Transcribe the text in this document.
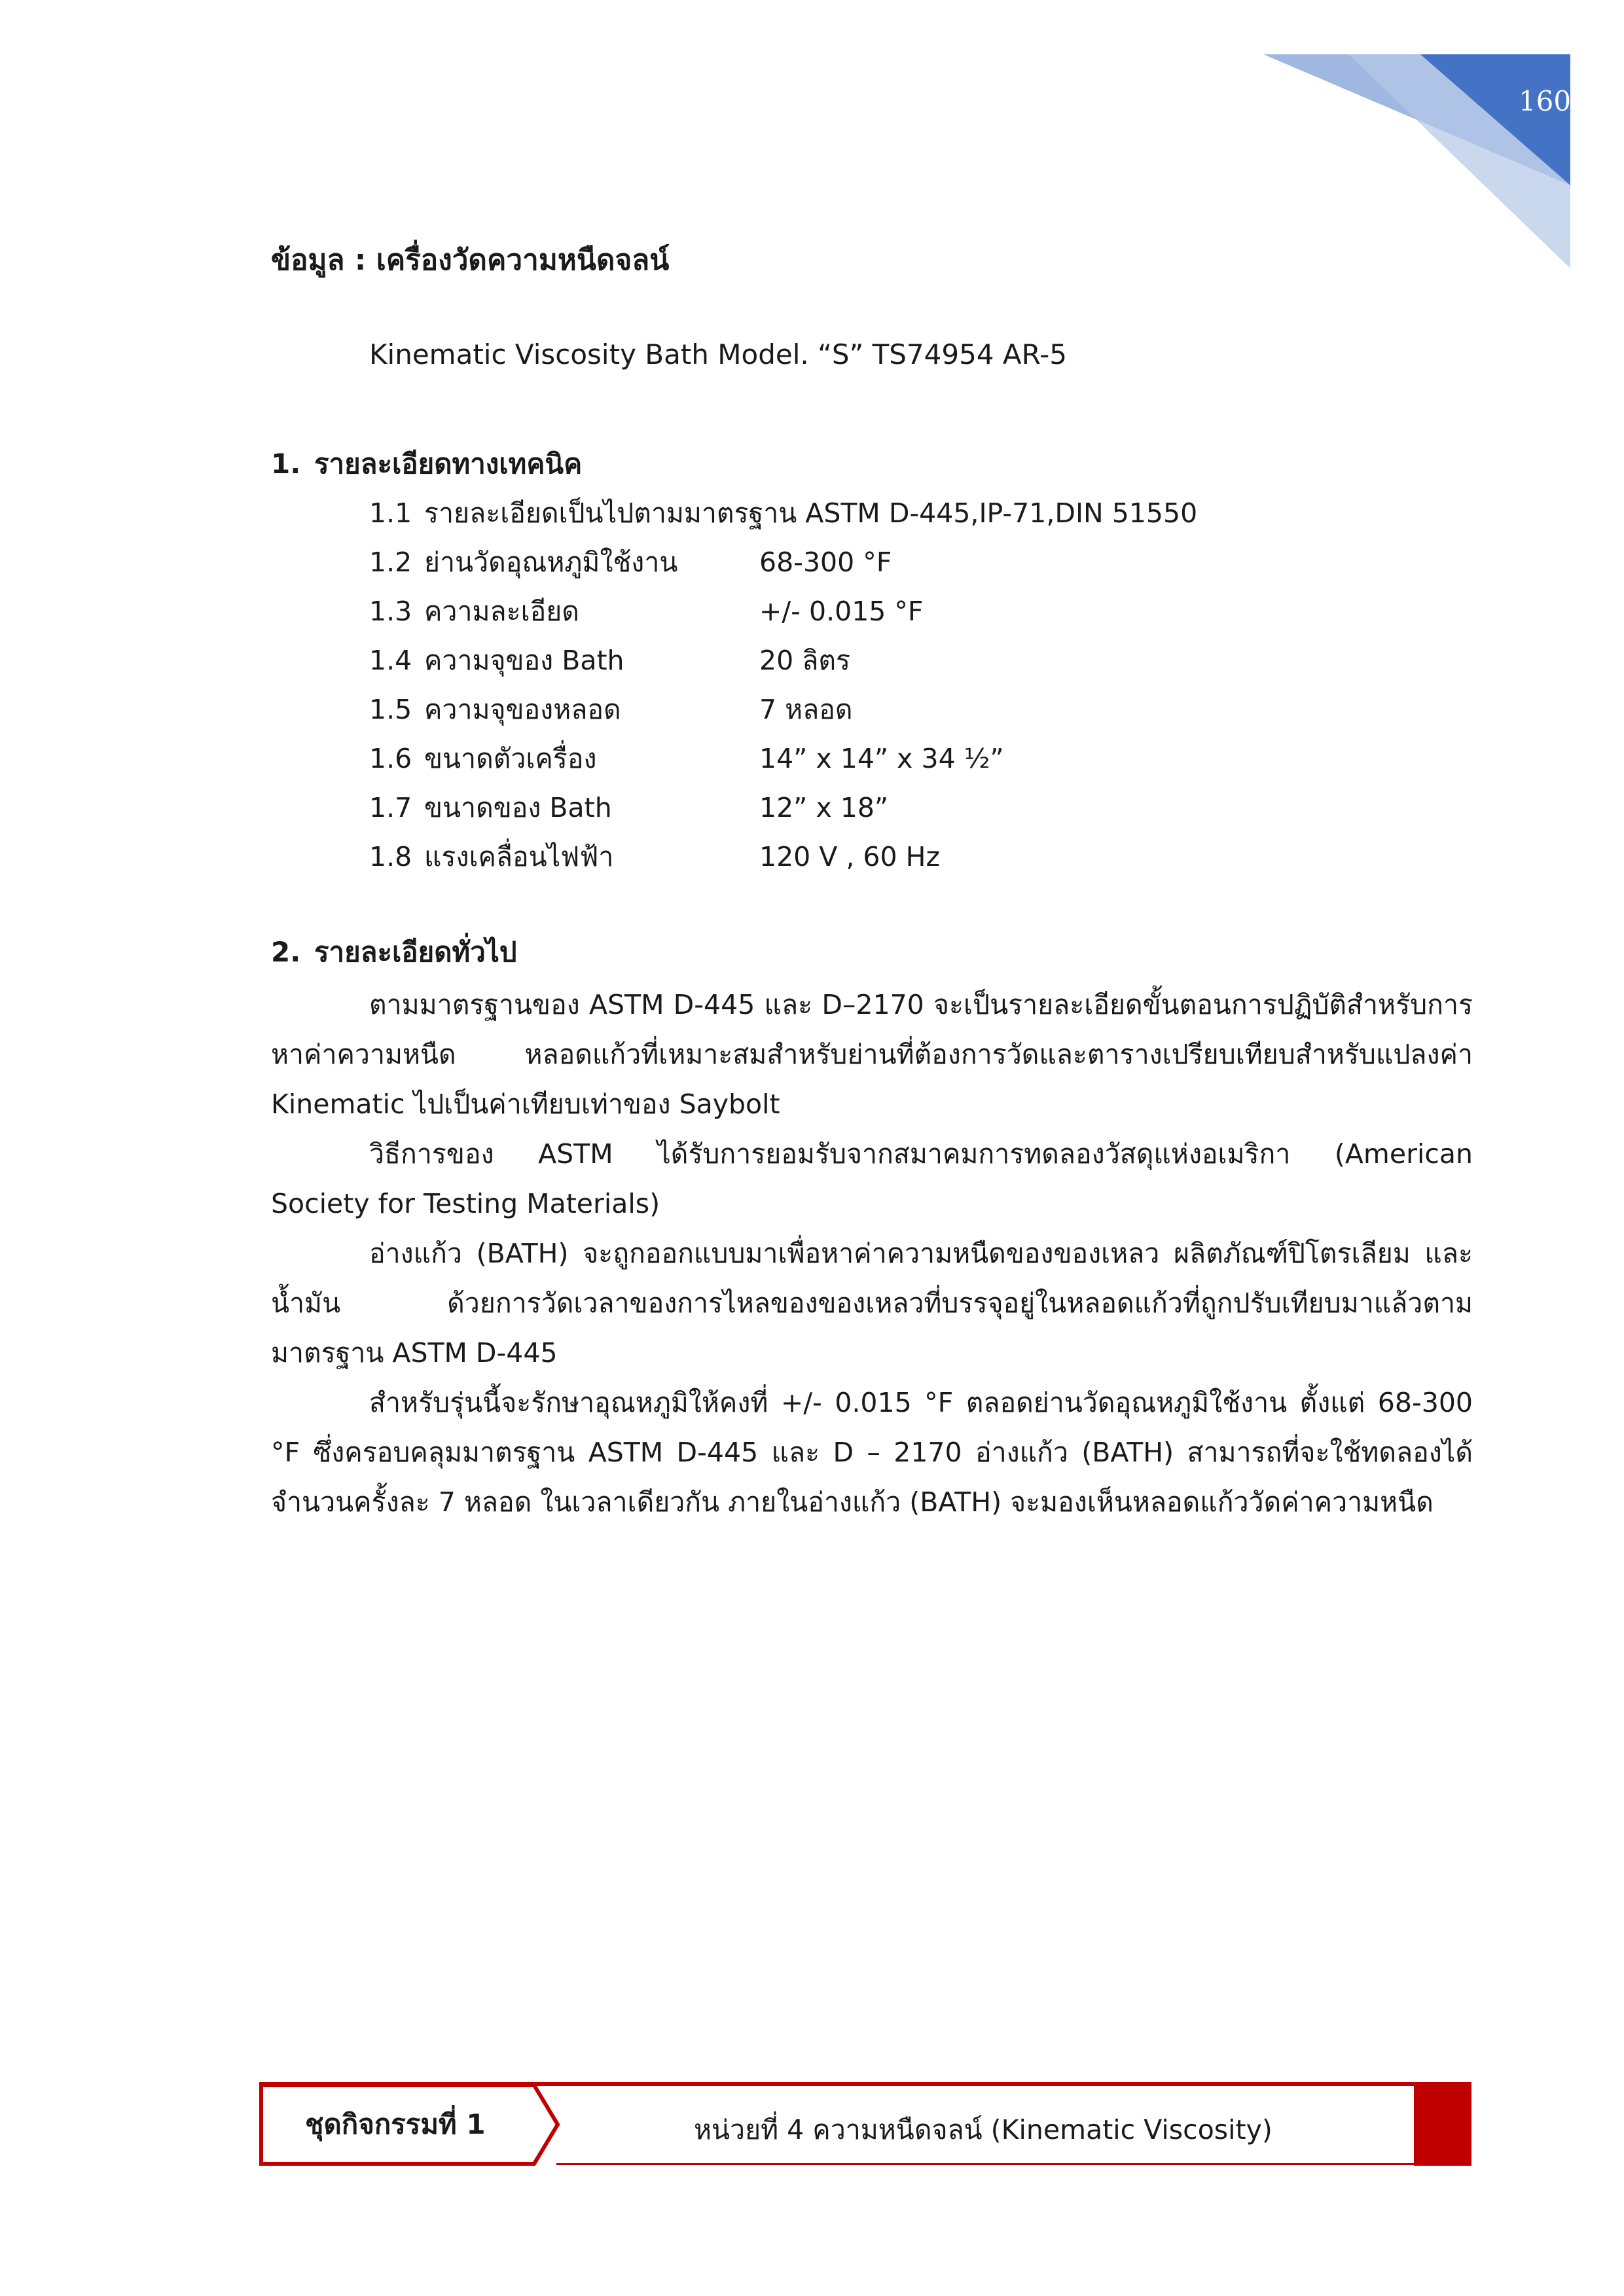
160
ข้อมูล : เครื่องวัดความหนืดจลน์
Kinematic Viscosity Bath Model. “S” TS74954 AR-5
1. รายละเอียดทางเทคนิค
1.1 รายละเอียดเป็นไปตามมาตรฐาน ASTM D-445,IP-71,DIN 51550
1.2 ย่านวัดอุณหภูมิใช้งาน	68-300 °F
1.3 ความละเอียด	+/- 0.015 °F
1.4 ความจุของ Bath	20 ลิตร
1.5 ความจุของหลอด	7 หลอด
1.6 ขนาดตัวเครื่อง	14” x 14” x 34 ½”
1.7 ขนาดของ Bath	12” x 18”
1.8 แรงเคลื่อนไฟฟ้า	120 V , 60 Hz
2. รายละเอียดทั่วไป

ตามมาตรฐานของ ASTM D-445 และ D–2170 จะเป็นรายละเอียดขั้นตอนการปฏิบัติสำหรับการหาค่าความหนืด หลอดแก้วที่เหมาะสมสำหรับย่านที่ต้องการวัดและตารางเปรียบเทียบสำหรับแปลงค่า Kinematic ไปเป็นค่าเทียบเท่าของ Saybolt

วิธีการของ ASTM ได้รับการยอมรับจากสมาคมการทดลองวัสดุแห่งอเมริกา (American Society for Testing Materials)

อ่างแก้ว (BATH) จะถูกออกแบบมาเพื่อหาค่าความหนืดของของเหลว ผลิตภัณฑ์ปิโตรเลียม และน้ำมัน ด้วยการวัดเวลาของการไหลของของเหลวที่บรรจุอยู่ในหลอดแก้วที่ถูกปรับเทียบมาแล้วตามมาตรฐาน ASTM D-445

สำหรับรุ่นนี้จะรักษาอุณหภูมิให้คงที่ +/- 0.015 °F ตลอดย่านวัดอุณหภูมิใช้งาน ตั้งแต่ 68-300 °F ซึ่งครอบคลุมมาตรฐาน ASTM D-445 และ D – 2170 อ่างแก้ว (BATH) สามารถที่จะใช้ทดลองได้จำนวนครั้งละ 7 หลอด ในเวลาเดียวกัน ภายในอ่างแก้ว (BATH) จะมองเห็นหลอดแก้ววัดค่าความหนืด

ชุดกิจกรรมที่ 1	หน่วยที่ 4 ความหนืดจลน์ (Kinematic Viscosity)
